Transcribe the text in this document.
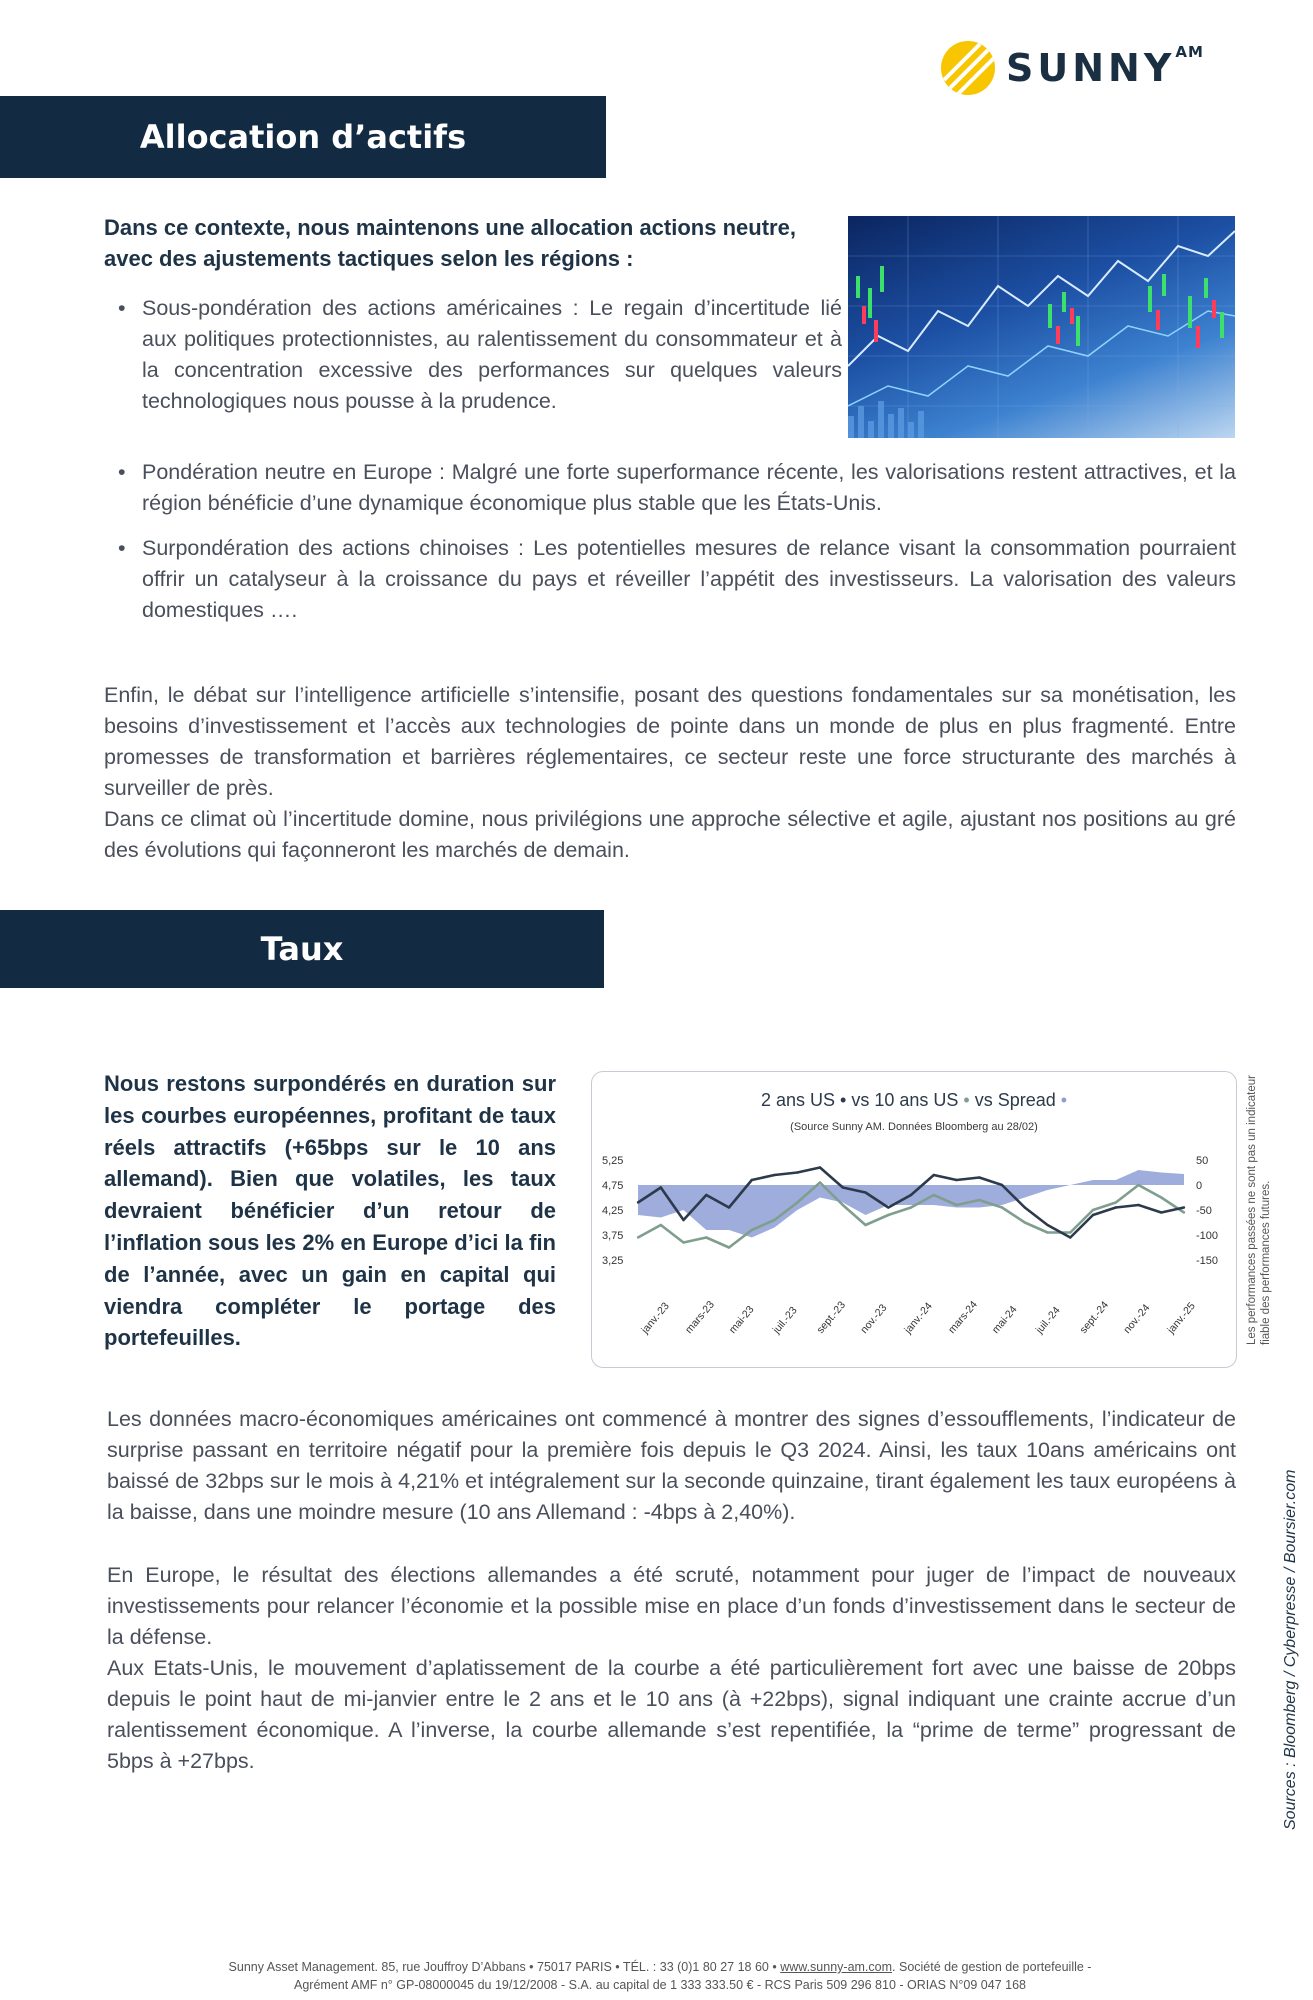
SUNNY AM
Allocation d’actifs

Dans ce contexte, nous maintenons une allocation actions neutre, avec des ajustements tactiques selon les régions :

• Sous-pondération des actions américaines : Le regain d’incertitude lié aux politiques protectionnistes, au ralentissement du consommateur et à la concentration excessive des performances sur quelques valeurs technologiques nous pousse à la prudence.
• Pondération neutre en Europe : Malgré une forte superformance récente, les valorisations restent attractives, et la région bénéficie d’une dynamique économique plus stable que les États-Unis.
• Surpondération des actions chinoises : Les potentielles mesures de relance visant la consommation pourraient offrir un catalyseur à la croissance du pays et réveiller l’appétit des investisseurs. La valorisation des valeurs domestiques ….

Enfin, le débat sur l’intelligence artificielle s’intensifie, posant des questions fondamentales sur sa monétisation, les besoins d’investissement et l’accès aux technologies de pointe dans un monde de plus en plus fragmenté. Entre promesses de transformation et barrières réglementaires, ce secteur reste une force structurante des marchés à surveiller de près.

Dans ce climat où l’incertitude domine, nous privilégions une approche sélective et agile, ajustant nos positions au gré des évolutions qui façonneront les marchés de demain.

Taux

Nous restons surpondérés en duration sur les courbes européennes, profitant de taux réels attractifs (+65bps sur le 10 ans allemand). Bien que volatiles, les taux devraient bénéficier d’un retour de l’inflation sous les 2% en Europe d’ici la fin de l’année, avec un gain en capital qui viendra compléter le portage des portefeuilles.

2 ans US • vs 10 ans US • vs Spread •
(Source Sunny AM. Données Bloomberg au 28/02)
5,25
4,75
4,25
3,75
3,25
50
0
-50
-100
-150
janv.-23 mars-23 mai-23 juil.-23 sept.-23 nov.-23 janv.-24 mars-24 mai-24 juil.-24 sept.-24 nov.-24 janv.-25	Les performances passées ne sont pas un indicateur fiable des performances futures.

Sources : Bloomberg / Cyberpresse / Boursier.com

Les données macro-économiques américaines ont commencé à montrer des signes d’essoufflements, l’indicateur de surprise passant en territoire négatif pour la première fois depuis le Q3 2024. Ainsi, les taux 10ans américains ont baissé de 32bps sur le mois à 4,21% et intégralement sur la seconde quinzaine, tirant également les taux européens à la baisse, dans une moindre mesure (10 ans Allemand : -4bps à 2,40%).

En Europe, le résultat des élections allemandes a été scruté, notamment pour juger de l’impact de nouveaux investissements pour relancer l’économie et la possible mise en place d’un fonds d’investissement dans le secteur de la défense.

Aux Etats-Unis, le mouvement d’aplatissement de la courbe a été particulièrement fort avec une baisse de 20bps depuis le point haut de mi-janvier entre le 2 ans et le 10 ans (à +22bps), signal indiquant une crainte accrue d’un ralentissement économique. A l’inverse, la courbe allemande s’est repentifiée, la “prime de terme” progressant de 5bps à +27bps.

Sunny Asset Management. 85, rue Jouffroy D’Abbans • 75017 PARIS • TÉL. : 33 (0)1 80 27 18 60 • www.sunny-am.com. Société de gestion de portefeuille -
Agrément AMF n° GP-08000045 du 19/12/2008 - S.A. au capital de 1 333 333.50 € - RCS Paris 509 296 810 - ORIAS N°09 047 168
